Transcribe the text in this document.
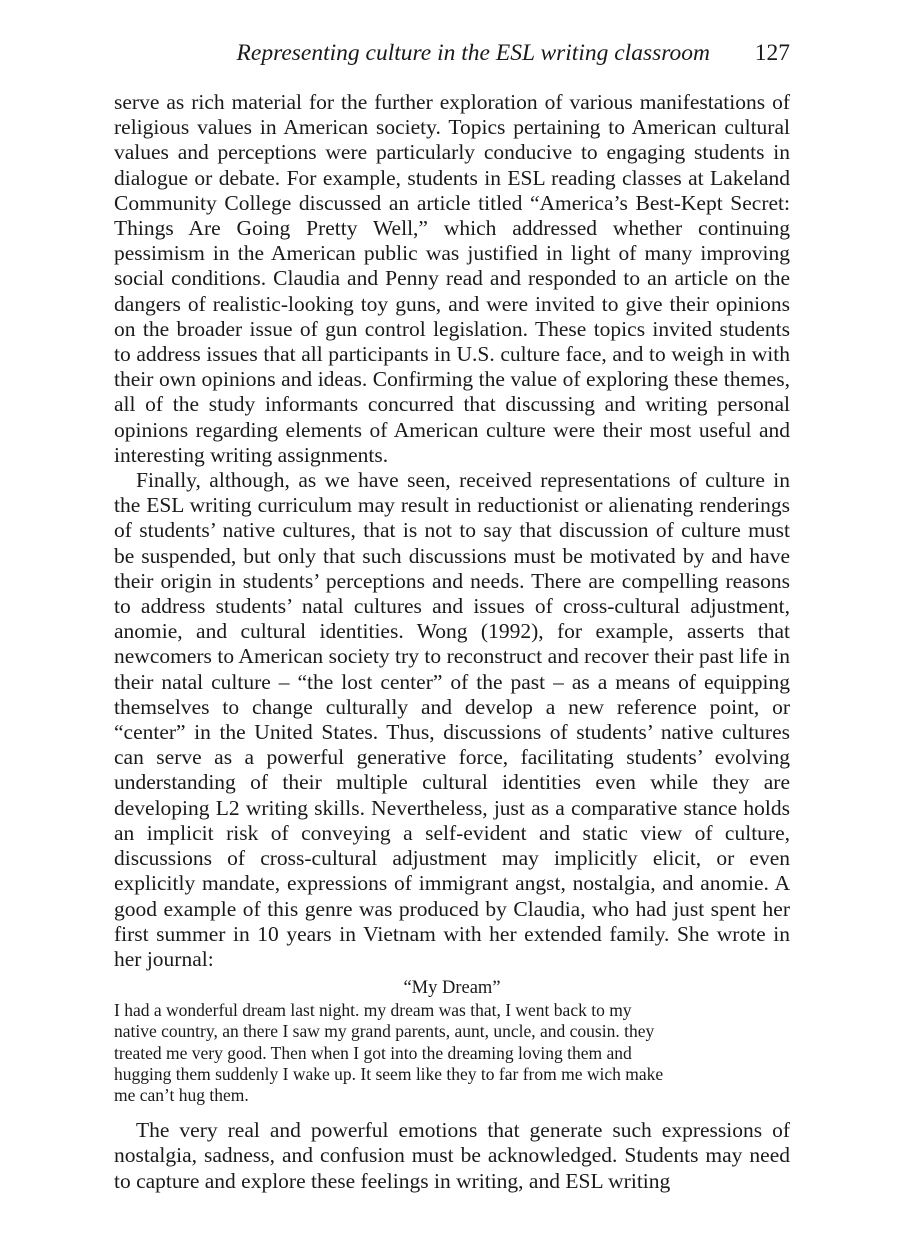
Representing culture in the ESL writing classroom 127

serve as rich material for the further exploration of various manifestations of religious values in American society. Topics pertaining to American cultural values and perceptions were particularly conducive to engaging students in dialogue or debate. For example, students in ESL reading classes at Lakeland Community College discussed an article titled “America’s Best-Kept Secret: Things Are Going Pretty Well,” which addressed whether continuing pessimism in the American public was justified in light of many improving social conditions. Claudia and Penny read and responded to an article on the dangers of realistic-looking toy guns, and were invited to give their opinions on the broader issue of gun control legislation. These topics invited students to address issues that all participants in U.S. culture face, and to weigh in with their own opinions and ideas. Confirming the value of exploring these themes, all of the study informants concurred that discussing and writing personal opinions regarding elements of American culture were their most useful and interesting writing assignments.

Finally, although, as we have seen, received representations of culture in the ESL writing curriculum may result in reductionist or alienating renderings of students’ native cultures, that is not to say that discussion of culture must be suspended, but only that such discussions must be motivated by and have their origin in students’ perceptions and needs. There are compelling reasons to address students’ natal cultures and issues of cross-cultural adjustment, anomie, and cultural identities. Wong (1992), for example, asserts that newcomers to American society try to reconstruct and recover their past life in their natal culture – “the lost center” of the past – as a means of equipping themselves to change culturally and develop a new reference point, or “center” in the United States. Thus, discussions of students’ native cultures can serve as a powerful generative force, facilitating students’ evolving understanding of their multiple cultural identities even while they are developing L2 writing skills. Nevertheless, just as a comparative stance holds an implicit risk of conveying a self-evident and static view of culture, discussions of cross-cultural adjustment may implicitly elicit, or even explicitly mandate, expressions of immigrant angst, nostalgia, and anomie. A good example of this genre was produced by Claudia, who had just spent her first summer in 10 years in Vietnam with her extended family. She wrote in her journal:

“My Dream”

I had a wonderful dream last night. my dream was that, I went back to my
native country, an there I saw my grand parents, aunt, uncle, and cousin. they
treated me very good. Then when I got into the dreaming loving them and
hugging them suddenly I wake up. It seem like they to far from me wich make
me can’t hug them.

The very real and powerful emotions that generate such expressions of nostalgia, sadness, and confusion must be acknowledged. Students may need to capture and explore these feelings in writing, and ESL writing
